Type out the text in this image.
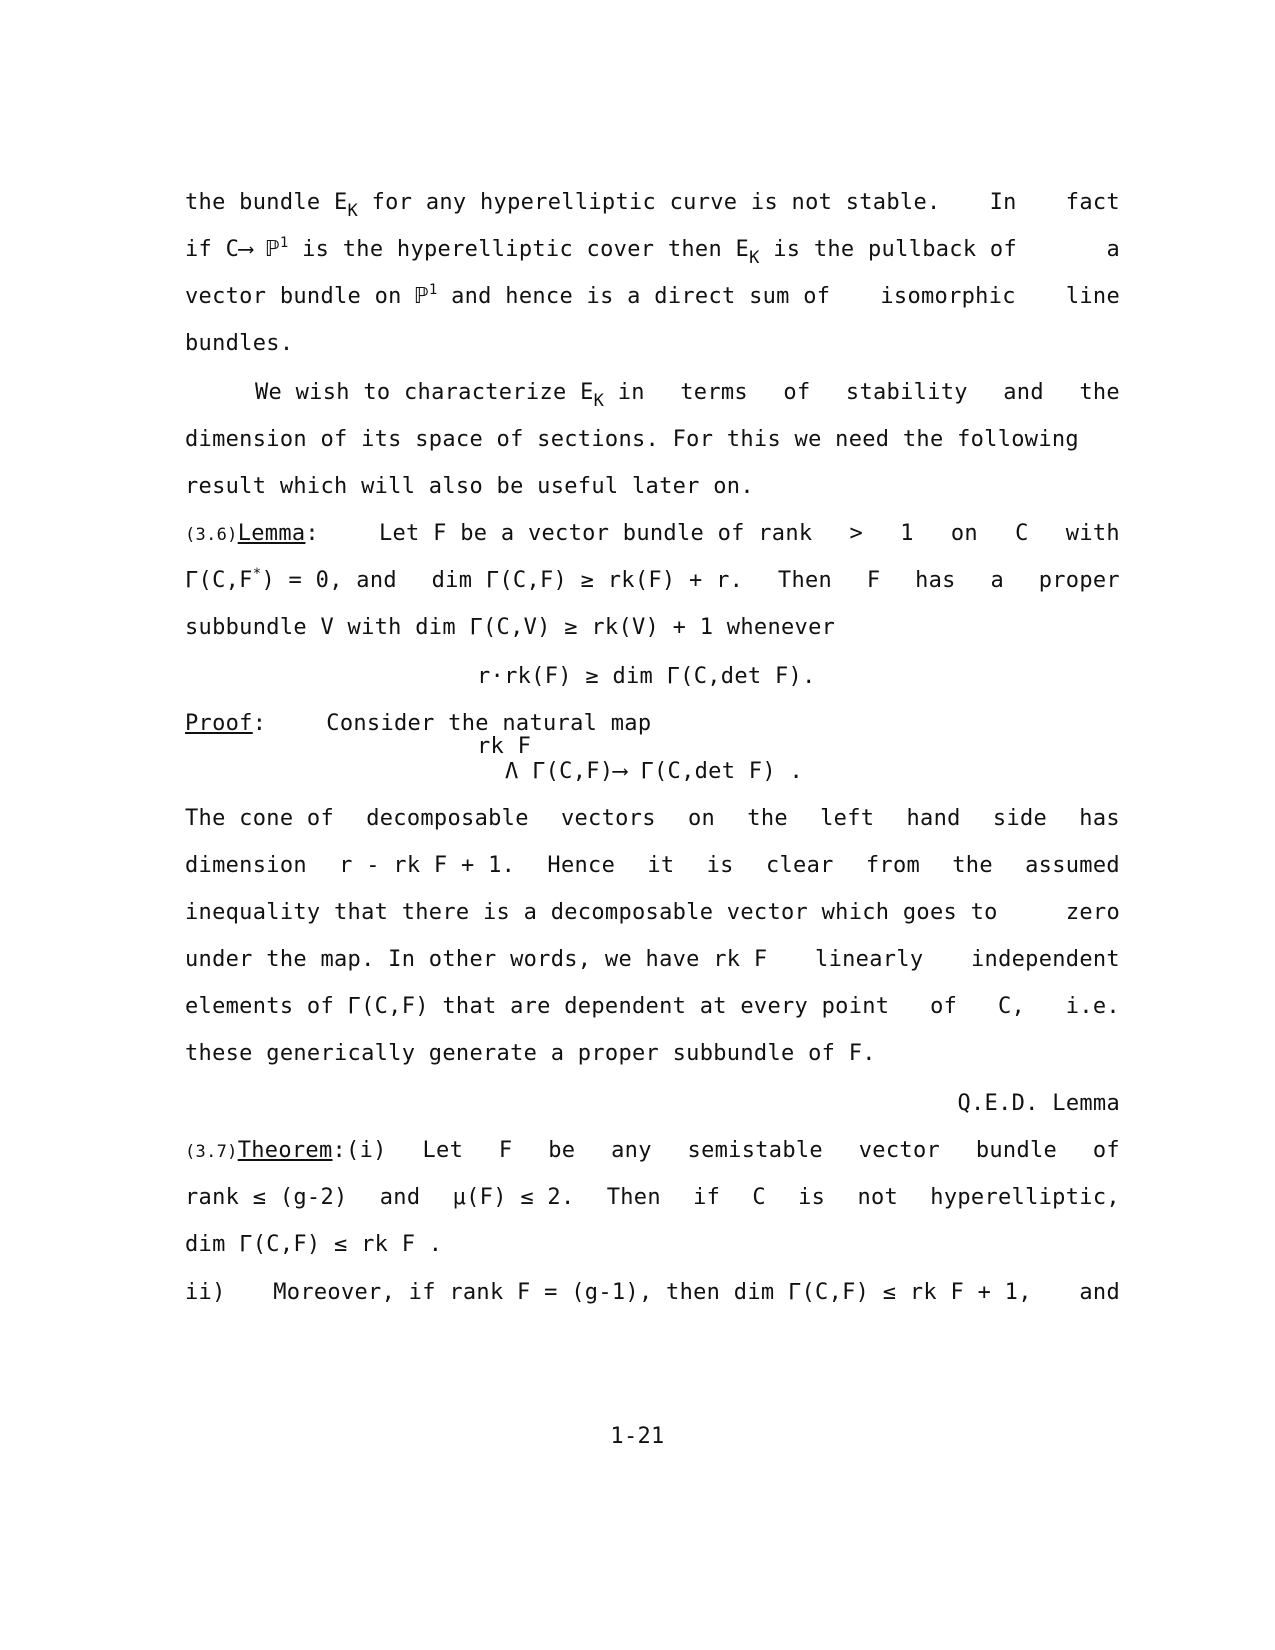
the bundle $E_K$ for any hyperelliptic curve is not stable. In fact
if C⟶ ℙ$^1$ is the hyperelliptic cover then $E_K$ is the pullback of	a
vector bundle on ℙ$^1$ and hence is a direct sum of isomorphic line
bundles.
We wish to characterize $E_K$ in terms of stability and the
dimension of its space of sections. For this we need the following
result which will also be useful later on.
(3.6)Lemma:	Let F be a vector bundle of rank > 1 on C with
Γ(C,F*) = 0, and dim Γ(C,F) ≥ rk(F) + r. Then F has a proper
subbundle V with dim Γ(C,V) ≥ rk(V) + 1 whenever
r·rk(F) ≥ dim Γ(C,det F).
Proof:	Consider the natural map
rk F
Λ Γ(C,F)⟶ Γ(C,det F) .
The cone of decomposable vectors on the left hand side has
dimension r - rk F + 1. Hence it is clear from the assumed
inequality that there is a decomposable vector which goes to	zero
under the map. In other words, we have rk F linearly independent
elements of Γ(C,F) that are dependent at every point of C, i.e.
these generically generate a proper subbundle of F.
Q.E.D. Lemma
(3.7)Theorem:(i) Let F be any semistable vector bundle of
rank ≤ (g-2) and μ(F) ≤ 2. Then if C is not hyperelliptic,
dim Γ(C,F) ≤ rk F .
ii) Moreover, if rank F = (g-1), then dim Γ(C,F) ≤ rk F + 1, and
1-21
